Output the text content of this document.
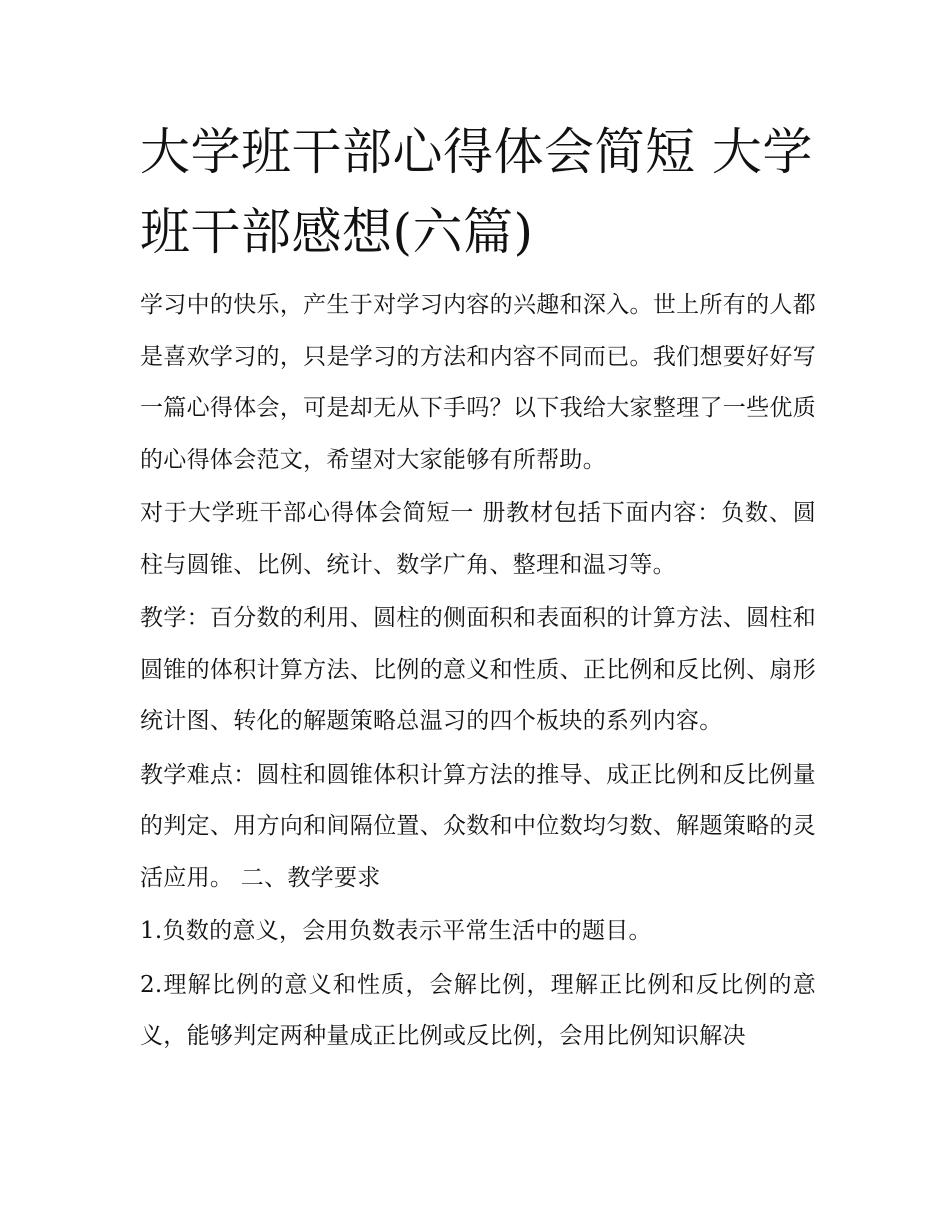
大学班干部心得体会简短 大学班干部感想(六篇)

学习中的快乐，产生于对学习内容的兴趣和深入。世上所有的人都是喜欢学习的，只是学习的方法和内容不同而已。我们想要好好写一篇心得体会，可是却无从下手吗？以下我给大家整理了一些优质的心得体会范文，希望对大家能够有所帮助。

对于大学班干部心得体会简短一 册教材包括下面内容：负数、圆柱与圆锥、比例、统计、数学广角、整理和温习等。

教学：百分数的利用、圆柱的侧面积和表面积的计算方法、圆柱和圆锥的体积计算方法、比例的意义和性质、正比例和反比例、扇形统计图、转化的解题策略总温习的四个板块的系列内容。

教学难点：圆柱和圆锥体积计算方法的推导、成正比例和反比例量的判定、用方向和间隔位置、众数和中位数均匀数、解题策略的灵活应用。 二、教学要求

1.负数的意义，会用负数表示平常生活中的题目。

2.理解比例的意义和性质，会解比例，理解正比例和反比例的意义，能够判定两种量成正比例或反比例，会用比例知识解决
